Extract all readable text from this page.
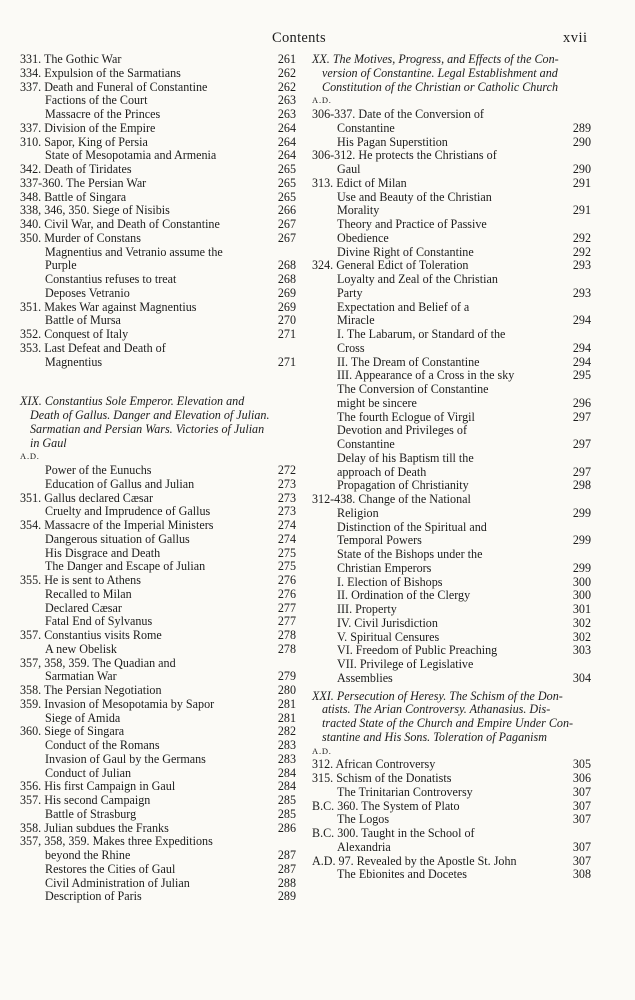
Contents	xvii
331. The Gothic War	261
334. Expulsion of the Sarmatians	262
337. Death and Funeral of Constantine	262
Factions of the Court	263
Massacre of the Princes	263
337. Division of the Empire	264
310. Sapor, King of Persia	264
State of Mesopotamia and Armenia	264
342. Death of Tiridates	265
337-360. The Persian War	265
348. Battle of Singara	265
338, 346, 350. Siege of Nisibis	266
340. Civil War, and Death of Constantine	267
350. Murder of Constans	267
Magnentius and Vetranio assume the
Purple	268
Constantius refuses to treat	268
Deposes Vetranio	269
351. Makes War against Magnentius	269
Battle of Mursa	270
352. Conquest of Italy	271
353. Last Defeat and Death of
Magnentius	271
XIX. Constantius Sole Emperor. Elevation and
Death of Gallus. Danger and Elevation of Julian.
Sarmatian and Persian Wars. Victories of Julian
in Gaul
A.D.
Power of the Eunuchs	272
Education of Gallus and Julian	273
351. Gallus declared Cæsar	273
Cruelty and Imprudence of Gallus	273
354. Massacre of the Imperial Ministers	274
Dangerous situation of Gallus	274
His Disgrace and Death	275
The Danger and Escape of Julian	275
355. He is sent to Athens	276
Recalled to Milan	276
Declared Cæsar	277
Fatal End of Sylvanus	277
357. Constantius visits Rome	278
A new Obelisk	278
357, 358, 359. The Quadian and
Sarmatian War	279
358. The Persian Negotiation	280
359. Invasion of Mesopotamia by Sapor	281
Siege of Amida	281
360. Siege of Singara	282
Conduct of the Romans	283
Invasion of Gaul by the Germans	283
Conduct of Julian	284
356. His first Campaign in Gaul	284
357. His second Campaign	285
Battle of Strasburg	285
358. Julian subdues the Franks	286
357, 358, 359. Makes three Expeditions
beyond the Rhine	287
Restores the Cities of Gaul	287
Civil Administration of Julian	288
Description of Paris	289
XX. The Motives, Progress, and Effects of the Con-
version of Constantine. Legal Establishment and
Constitution of the Christian or Catholic Church
A.D.
306-337. Date of the Conversion of
Constantine	289
His Pagan Superstition	290
306-312. He protects the Christians of
Gaul	290
313. Edict of Milan	291
Use and Beauty of the Christian
Morality	291
Theory and Practice of Passive
Obedience	292
Divine Right of Constantine	292
324. General Edict of Toleration	293
Loyalty and Zeal of the Christian
Party	293
Expectation and Belief of a
Miracle	294
I. The Labarum, or Standard of the
Cross	294
II. The Dream of Constantine	294
III. Appearance of a Cross in the sky	295
The Conversion of Constantine
might be sincere	296
The fourth Eclogue of Virgil	297
Devotion and Privileges of
Constantine	297
Delay of his Baptism till the
approach of Death	297
Propagation of Christianity	298
312-438. Change of the National
Religion	299
Distinction of the Spiritual and
Temporal Powers	299
State of the Bishops under the
Christian Emperors	299
I. Election of Bishops	300
II. Ordination of the Clergy	300
III. Property	301
IV. Civil Jurisdiction	302
V. Spiritual Censures	302
VI. Freedom of Public Preaching	303
VII. Privilege of Legislative
Assemblies	304
XXI. Persecution of Heresy. The Schism of the Don-
atists. The Arian Controversy. Athanasius. Dis-
tracted State of the Church and Empire Under Con-
stantine and His Sons. Toleration of Paganism
A.D.
312. African Controversy	305
315. Schism of the Donatists	306
The Trinitarian Controversy	307
B.C. 360. The System of Plato	307
The Logos	307
B.C. 300. Taught in the School of
Alexandria	307
A.D. 97. Revealed by the Apostle St. John	307
The Ebionites and Docetes	308
